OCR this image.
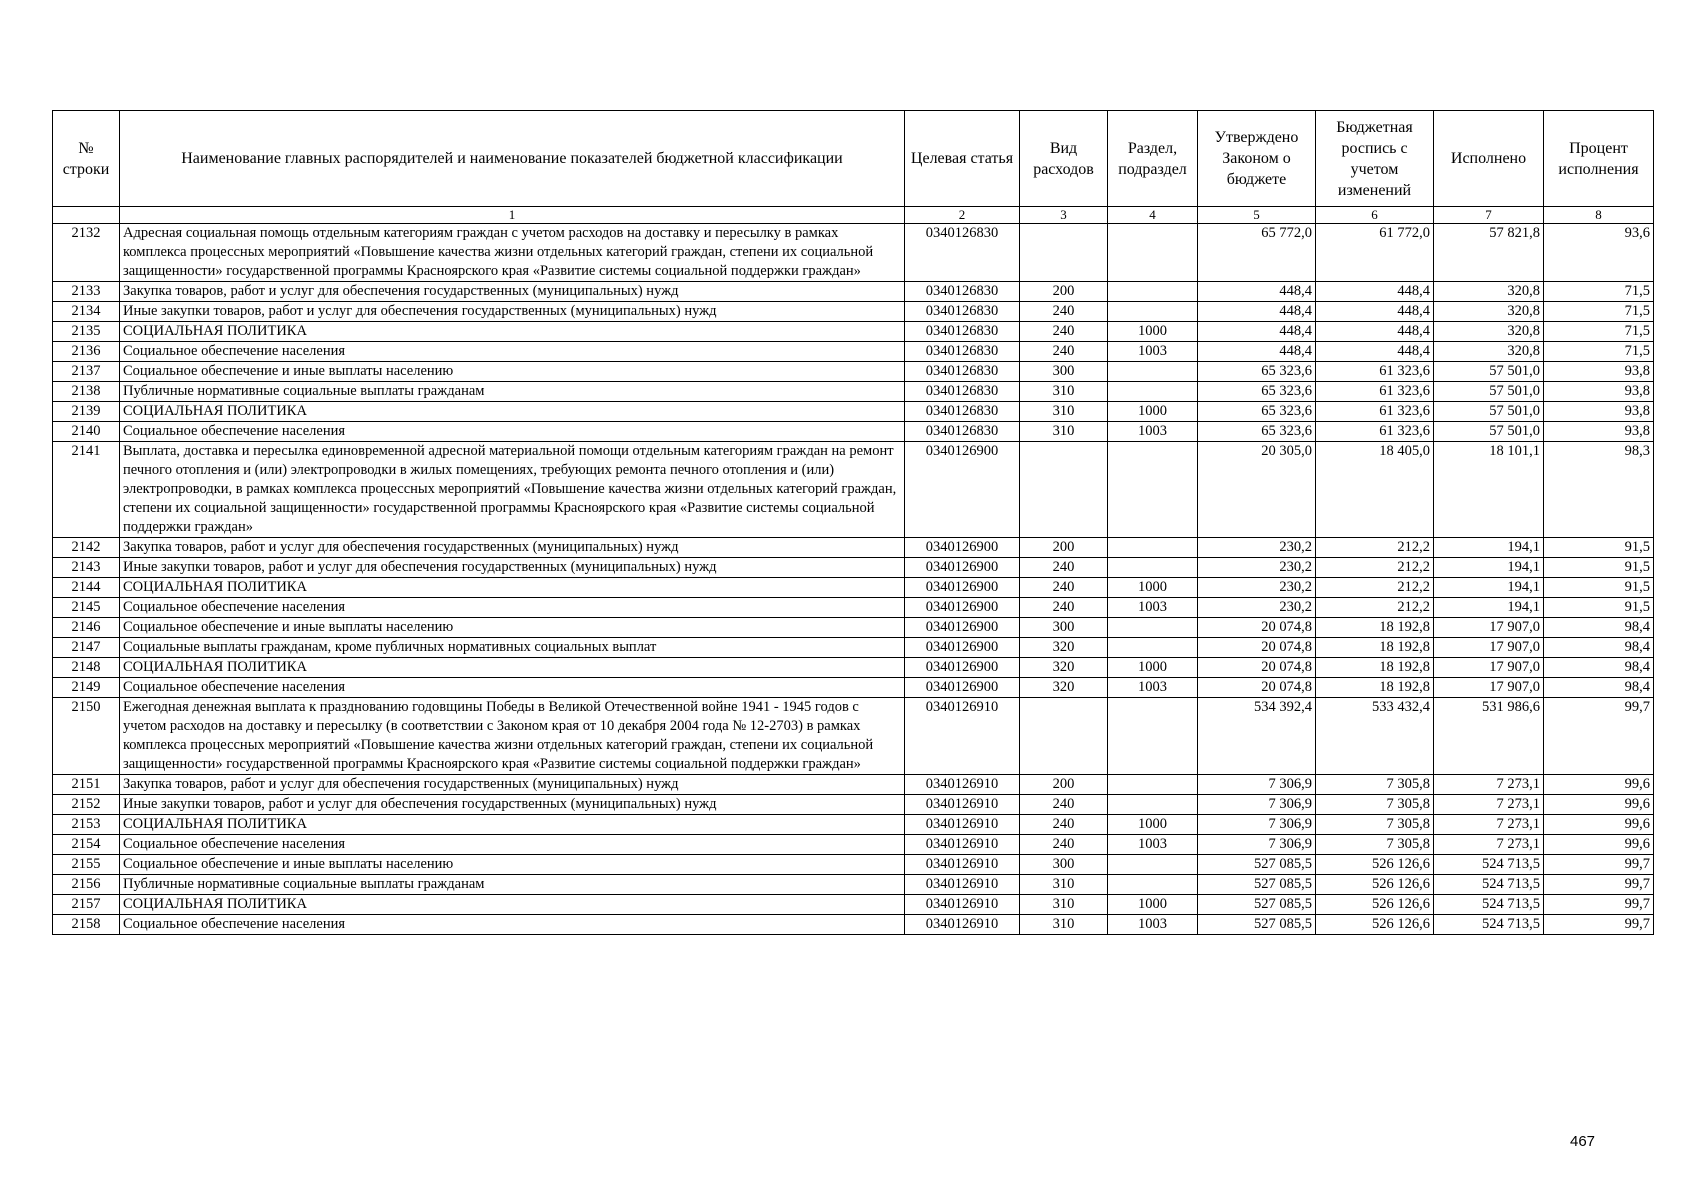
№ строки	Наименование главных распорядителей и наименование показателей бюджетной классификации	Целевая статья	Вид расходов	Раздел, подраздел	Утверждено Законом о бюджете	Бюджетная роспись с учетом изменений	Исполнено	Процент исполнения
	1	2	3	4	5	6	7	8
2132	Адресная социальная помощь отдельным категориям граждан с учетом расходов на доставку и пересылку в рамках комплекса процессных мероприятий «Повышение качества жизни отдельных категорий граждан, степени их социальной защищенности» государственной программы Красноярского края «Развитие системы социальной поддержки граждан»	0340126830			65 772,0	61 772,0	57 821,8	93,6
2133	Закупка товаров, работ и услуг для обеспечения государственных (муниципальных) нужд	0340126830	200		448,4	448,4	320,8	71,5
2134	Иные закупки товаров, работ и услуг для обеспечения государственных (муниципальных) нужд	0340126830	240		448,4	448,4	320,8	71,5
2135	СОЦИАЛЬНАЯ ПОЛИТИКА	0340126830	240	1000	448,4	448,4	320,8	71,5
2136	Социальное обеспечение населения	0340126830	240	1003	448,4	448,4	320,8	71,5
2137	Социальное обеспечение и иные выплаты населению	0340126830	300		65 323,6	61 323,6	57 501,0	93,8
2138	Публичные нормативные социальные выплаты гражданам	0340126830	310		65 323,6	61 323,6	57 501,0	93,8
2139	СОЦИАЛЬНАЯ ПОЛИТИКА	0340126830	310	1000	65 323,6	61 323,6	57 501,0	93,8
2140	Социальное обеспечение населения	0340126830	310	1003	65 323,6	61 323,6	57 501,0	93,8
2141	Выплата, доставка и пересылка единовременной адресной материальной помощи отдельным категориям граждан на ремонт печного отопления и (или) электропроводки в жилых помещениях, требующих ремонта печного отопления и (или) электропроводки, в рамках комплекса процессных мероприятий «Повышение качества жизни отдельных категорий граждан, степени их социальной защищенности» государственной программы Красноярского края «Развитие системы социальной поддержки граждан»	0340126900			20 305,0	18 405,0	18 101,1	98,3
2142	Закупка товаров, работ и услуг для обеспечения государственных (муниципальных) нужд	0340126900	200		230,2	212,2	194,1	91,5
2143	Иные закупки товаров, работ и услуг для обеспечения государственных (муниципальных) нужд	0340126900	240		230,2	212,2	194,1	91,5
2144	СОЦИАЛЬНАЯ ПОЛИТИКА	0340126900	240	1000	230,2	212,2	194,1	91,5
2145	Социальное обеспечение населения	0340126900	240	1003	230,2	212,2	194,1	91,5
2146	Социальное обеспечение и иные выплаты населению	0340126900	300		20 074,8	18 192,8	17 907,0	98,4
2147	Социальные выплаты гражданам, кроме публичных нормативных социальных выплат	0340126900	320		20 074,8	18 192,8	17 907,0	98,4
2148	СОЦИАЛЬНАЯ ПОЛИТИКА	0340126900	320	1000	20 074,8	18 192,8	17 907,0	98,4
2149	Социальное обеспечение населения	0340126900	320	1003	20 074,8	18 192,8	17 907,0	98,4
2150	Ежегодная денежная выплата к празднованию годовщины Победы в Великой Отечественной войне 1941 - 1945 годов с учетом расходов на доставку и пересылку (в соответствии с Законом края от 10 декабря 2004 года № 12-2703) в рамках комплекса процессных мероприятий «Повышение качества жизни отдельных категорий граждан, степени их социальной защищенности» государственной программы Красноярского края «Развитие системы социальной поддержки граждан»	0340126910			534 392,4	533 432,4	531 986,6	99,7
2151	Закупка товаров, работ и услуг для обеспечения государственных (муниципальных) нужд	0340126910	200		7 306,9	7 305,8	7 273,1	99,6
2152	Иные закупки товаров, работ и услуг для обеспечения государственных (муниципальных) нужд	0340126910	240		7 306,9	7 305,8	7 273,1	99,6
2153	СОЦИАЛЬНАЯ ПОЛИТИКА	0340126910	240	1000	7 306,9	7 305,8	7 273,1	99,6
2154	Социальное обеспечение населения	0340126910	240	1003	7 306,9	7 305,8	7 273,1	99,6
2155	Социальное обеспечение и иные выплаты населению	0340126910	300		527 085,5	526 126,6	524 713,5	99,7
2156	Публичные нормативные социальные выплаты гражданам	0340126910	310		527 085,5	526 126,6	524 713,5	99,7
2157	СОЦИАЛЬНАЯ ПОЛИТИКА	0340126910	310	1000	527 085,5	526 126,6	524 713,5	99,7
2158	Социальное обеспечение населения	0340126910	310	1003	527 085,5	526 126,6	524 713,5	99,7
467
